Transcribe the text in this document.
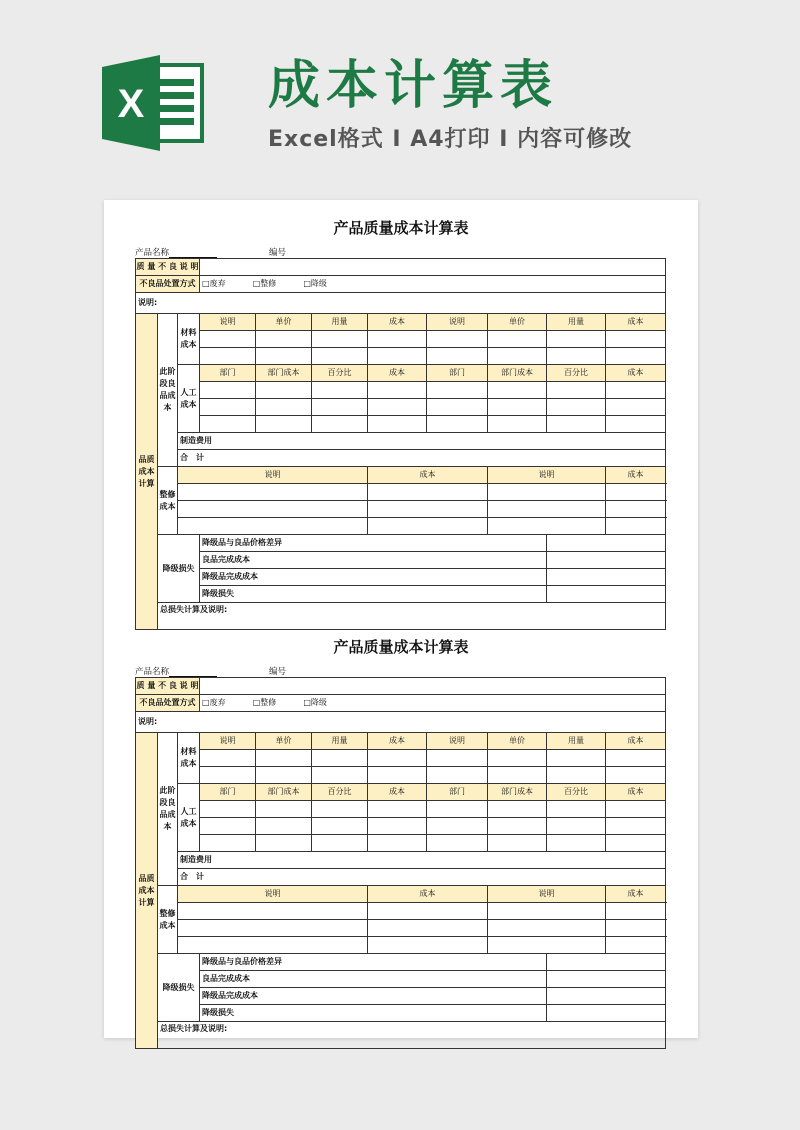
X 成本计算表
Excel格式 I A4打印 I 内容可修改
产品质量成本计算表
产品名称	编号
质 量 不 良 说 明										
不良品处置方式			□废弃 □整修 □降级							
说明:										
品质成本计算	此阶段良品成本	材料成本	说明	单价	用量	成本	说明	单价	用量	成本

		人工成本	部门	部门成本	百分比	成本	部门	部门成本	百分比	成本

		制造费用								
		合　计								
	整修成本	说明				成本		说明		成本

	降级损失		降级品与良品价格差异							
			良品完成成本							
			降级品完成成本							
			降级损失							
	总损失计算及说明:									
产品质量成本计算表
产品名称	编号
质 量 不 良 说 明										
不良品处置方式			□废弃 □整修 □降级							
说明:										
品质成本计算	此阶段良品成本	材料成本	说明	单价	用量	成本	说明	单价	用量	成本

		人工成本	部门	部门成本	百分比	成本	部门	部门成本	百分比	成本

		制造费用								
		合　计								
	整修成本	说明				成本		说明		成本

	降级损失		降级品与良品价格差异							
			良品完成成本							
			降级品完成成本							
			降级损失							
	总损失计算及说明:									
